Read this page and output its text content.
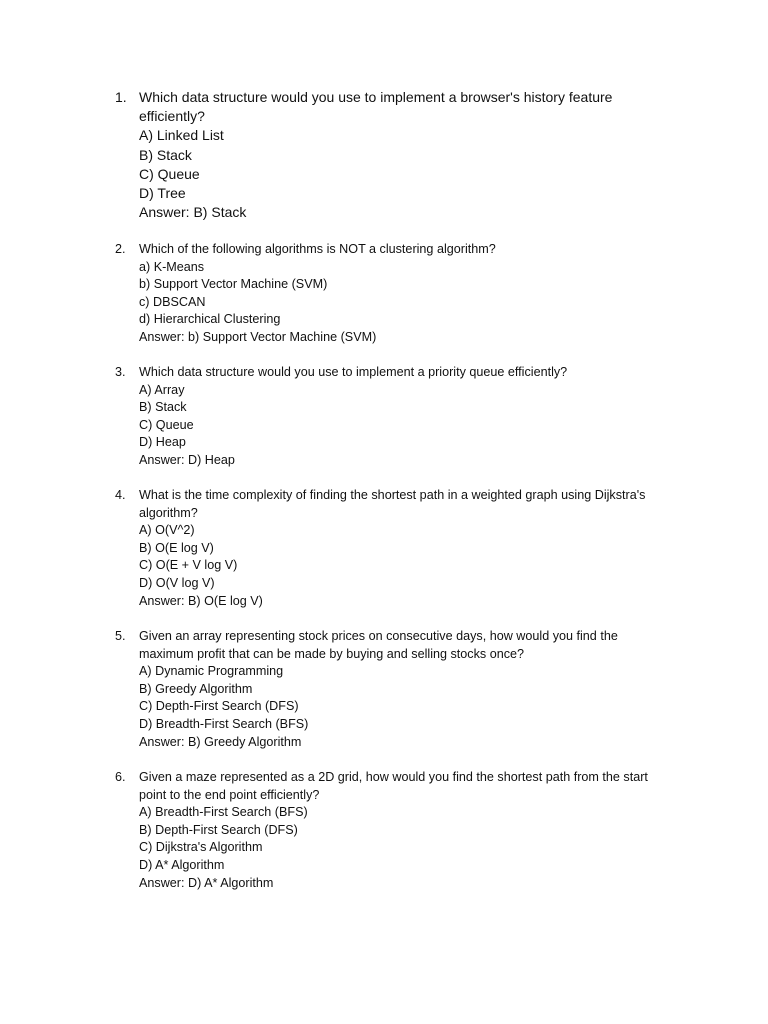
1. Which data structure would you use to implement a browser's history feature
efficiently?
A) Linked List
B) Stack
C) Queue
D) Tree
Answer: B) Stack
2.	Which of the following algorithms is NOT a clustering algorithm?
a) K-Means
b) Support Vector Machine (SVM)
c) DBSCAN
d) Hierarchical Clustering
Answer: b) Support Vector Machine (SVM)
3.	Which data structure would you use to implement a priority queue efficiently?
A) Array
B) Stack
C) Queue
D) Heap
Answer: D) Heap
4.	What is the time complexity of finding the shortest path in a weighted graph using Dijkstra's
algorithm?
A) O(V^2)
B) O(E log V)
C) O(E + V log V)
D) O(V log V)
Answer: B) O(E log V)
5.	Given an array representing stock prices on consecutive days, how would you find the
maximum profit that can be made by buying and selling stocks once?
A) Dynamic Programming
B) Greedy Algorithm
C) Depth-First Search (DFS)
D) Breadth-First Search (BFS)
Answer: B) Greedy Algorithm
6.	Given a maze represented as a 2D grid, how would you find the shortest path from the start
point to the end point efficiently?
A) Breadth-First Search (BFS)
B) Depth-First Search (DFS)
C) Dijkstra's Algorithm
D) A* Algorithm
Answer: D) A* Algorithm
